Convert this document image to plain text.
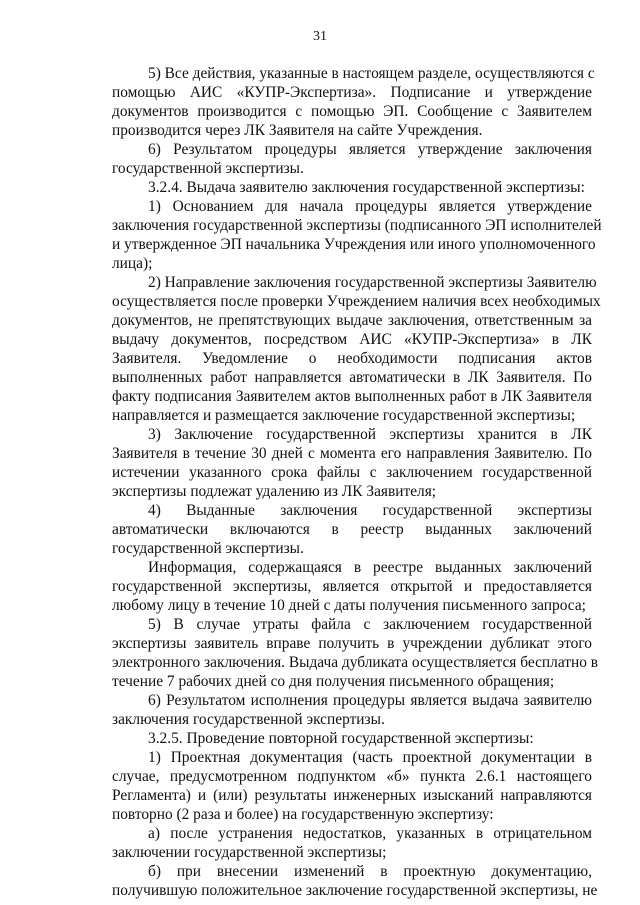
31
5) Все действия, указанные в настоящем разделе, осуществляются с
помощью АИС «КУПР-Экспертиза». Подписание и утверждение
документов производится с помощью ЭП. Сообщение с Заявителем
производится через ЛК Заявителя на сайте Учреждения.
6) Результатом процедуры является утверждение заключения
государственной экспертизы.
3.2.4. Выдача заявителю заключения государственной экспертизы:
1) Основанием для начала процедуры является утверждение
заключения государственной экспертизы (подписанного ЭП исполнителей
и утвержденное ЭП начальника Учреждения или иного уполномоченного
лица);
2) Направление заключения государственной экспертизы Заявителю
осуществляется после проверки Учреждением наличия всех необходимых
документов, не препятствующих выдаче заключения, ответственным за
выдачу документов, посредством АИС «КУПР-Экспертиза» в ЛК
Заявителя. Уведомление о необходимости подписания актов
выполненных работ направляется автоматически в ЛК Заявителя. По
факту подписания Заявителем актов выполненных работ в ЛК Заявителя
направляется и размещается заключение государственной экспертизы;
3) Заключение государственной экспертизы хранится в ЛК
Заявителя в течение 30 дней с момента его направления Заявителю. По
истечении указанного срока файлы с заключением государственной
экспертизы подлежат удалению из ЛК Заявителя;
4) Выданные заключения государственной экспертизы
автоматически включаются в реестр выданных заключений
государственной экспертизы.
Информация, содержащаяся в реестре выданных заключений
государственной экспертизы, является открытой и предоставляется
любому лицу в течение 10 дней с даты получения письменного запроса;
5) В случае утраты файла с заключением государственной
экспертизы заявитель вправе получить в учреждении дубликат этого
электронного заключения. Выдача дубликата осуществляется бесплатно в
течение 7 рабочих дней со дня получения письменного обращения;
6) Результатом исполнения процедуры является выдача заявителю
заключения государственной экспертизы.
3.2.5. Проведение повторной государственной экспертизы:
1) Проектная документация (часть проектной документации в
случае, предусмотренном подпунктом «б» пункта 2.6.1 настоящего
Регламента) и (или) результаты инженерных изысканий направляются
повторно (2 раза и более) на государственную экспертизу:
а) после устранения недостатков, указанных в отрицательном
заключении государственной экспертизы;
б) при внесении изменений в проектную документацию,
получившую положительное заключение государственной экспертизы, не
